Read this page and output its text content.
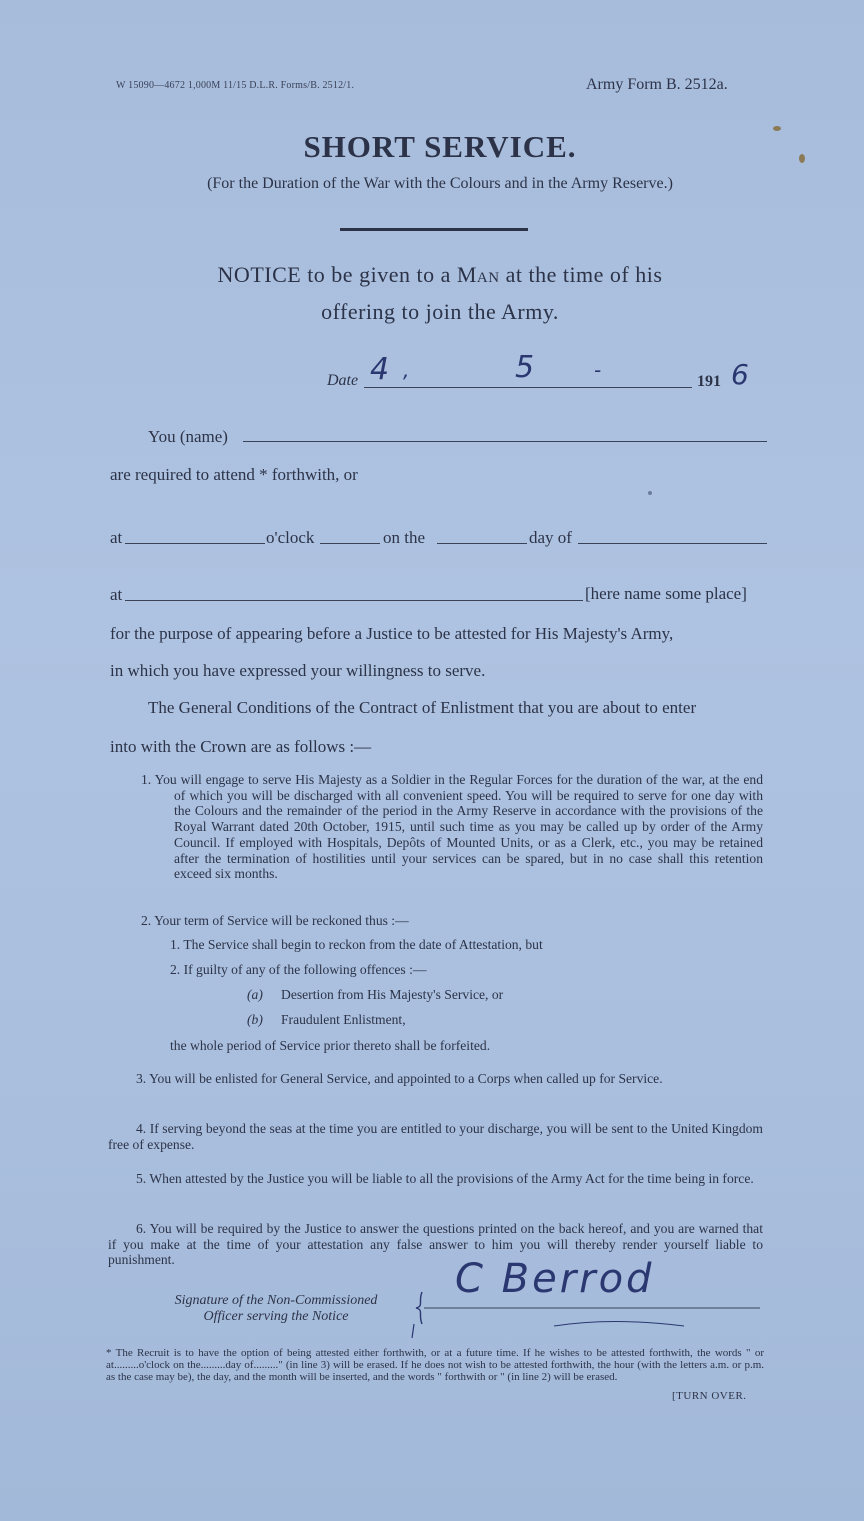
W 15090—4672 1,000M 11/15 D.L.R. Forms/B. 2512/1.	Army Form B. 2512a.
SHORT SERVICE.
(For the Duration of the War with the Colours and in the Army Reserve.)
NOTICE to be given to a Man at the time of his
offering to join the Army.
Date 4 ,	5	-	191 6
You (name)
are required to attend * forthwith, or
at	o'clock	on the	day of
at	[here name some place]
for the purpose of appearing before a Justice to be attested for His Majesty's Army,
in which you have expressed your willingness to serve.
The General Conditions of the Contract of Enlistment that you are about to enter
into with the Crown are as follows :—

1. You will engage to serve His Majesty as a Soldier in the Regular Forces for the duration of the war, at the end of which you will be discharged with all convenient speed. You will be required to serve for one day with the Colours and the remainder of the period in the Army Reserve in accordance with the provisions of the Royal Warrant dated 20th October, 1915, until such time as you may be called up by order of the Army Council. If employed with Hospitals, Depôts of Mounted Units, or as a Clerk, etc., you may be retained after the termination of hostilities until your services can be spared, but in no case shall this retention exceed six months.

2. Your term of Service will be reckoned thus :—
1. The Service shall begin to reckon from the date of Attestation, but
2. If guilty of any of the following offences :—
(a) Desertion from His Majesty's Service, or
(b) Fraudulent Enlistment,
the whole period of Service prior thereto shall be forfeited.

3. You will be enlisted for General Service, and appointed to a Corps when called up for Service.

4. If serving beyond the seas at the time you are entitled to your discharge, you will be sent to the United Kingdom free of expense.

5. When attested by the Justice you will be liable to all the provisions of the Army Act for the time being in force.

6. You will be required by the Justice to answer the questions printed on the back hereof, and you are warned that if you make at the time of your attestation any false answer to him you will thereby render yourself liable to punishment.

Signature of the Non-Commissioned
Officer serving the Notice
C Berrod
* The Recruit is to have the option of being attested either forthwith, or at a future time. If he wishes to be attested forthwith, the words " or at.........o'clock on the.........day of........." (in line 3) will be erased. If he does not wish to be attested forthwith, the hour (with the letters a.m. or p.m. as the case may be), the day, and the month will be inserted, and the words " forthwith or " (in line 2) will be erased.
[TURN OVER.
